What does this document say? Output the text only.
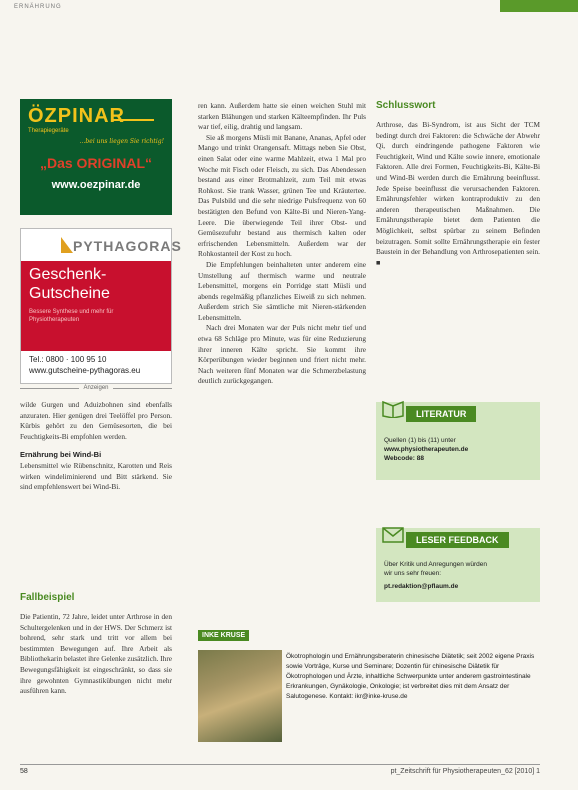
ERNÄHRUNG
ÖZPINAR
Therapiegeräte
…bei uns liegen Sie richtig!
„Das ORIGINAL“
www.oezpinar.de
PYTHAGORAS
Geschenk-
Gutscheine
Bessere Synthese und mehr für Physiotherapeuten
Tel.: 0800 · 100 95 10
www.gutscheine-pythagoras.eu
Anzeigen

wilde Gurgen und Aduizbohnen sind ebenfalls anzuraten. Hier genügen drei Teelöffel pro Person. Kürbis gehört zu den Gemüsesorten, die bei Feuchtigkeits-Bi empfohlen werden.

Ernährung bei Wind-Bi

Lebensmittel wie Rübenschnitz, Karotten und Reis wirken windeliminierend und Bitt stärkend. Sie sind empfehlenswert bei Wind-Bi.

Fallbeispiel

Die Patientin, 72 Jahre, leidet unter Arthrose in den Schultergelenken und in der HWS. Der Schmerz ist bohrend, sehr stark und tritt vor allem bei bestimmten Bewegungen auf. Ihre Arbeit als Bibliothekarin belastet ihre Gelenke zusätzlich. Ihre Bewegungsfähigkeit ist eingeschränkt, so dass sie ihre gewohnten Gymnastikübungen nicht mehr ausführen kann.

ren kann. Außerdem hatte sie einen weichen Stuhl mit starken Blähungen und starken Kälteempfinden. Ihr Puls war tief, eilig, drahtig und langsam.

Sie aß morgens Müsli mit Banane, Ananas, Apfel oder Mango und trinkt Orangensaft. Mittags neben Sie Obst, einen Salat oder eine warme Mahlzeit, etwa 1 Mal pro Woche mit Fisch oder Fleisch, zu sich. Das Abendessen bestand aus einer Brotmahlzeit, zum Teil mit etwas Rohkost. Sie trank Wasser, grünen Tee und Kräutertee. Das Pulsbild und die sehr niedrige Pulsfrequenz von 60 bestätigten den Befund von Kälte-Bi und Nieren-Yang-Leere. Die überwiegende Teil ihrer Obst- und Gemüsezufuhr bestand aus thermisch kalten oder erfrischenden Lebensmitteln. Außerdem war der Rohkostanteil der Kost zu hoch.

Die Empfehlungen beinhalteten unter anderem eine Umstellung auf thermisch warme und neutrale Lebensmittel, morgens ein Porridge statt Müsli und abends regelmäßig pflanzliches Eiweiß zu sich nehmen. Außerdem strich Sie sämtliche mit Nieren-stärkenden Lebensmitteln.

Nach drei Monaten war der Puls nicht mehr tief und etwa 68 Schläge pro Minute, was für eine Reduzierung ihrer inneren Kälte spricht. Sie kommt ihre Körperübungen wieder beginnen und friert nicht mehr. Nach weiteren fünf Monaten war die Schmerzbelastung deutlich zurückgegangen.

Schlusswort

Arthrose, das Bi-Syndrom, ist aus Sicht der TCM bedingt durch drei Faktoren: die Schwäche der Abwehr Qi, durch eindringende pathogene Faktoren wie Feuchtigkeit, Wind und Kälte sowie innere, emotionale Faktoren. Alle drei Formen, Feuchtigkeits-Bi, Kälte-Bi und Wind-Bi werden durch die Ernährung beeinflusst. Jede Speise beeinflusst die verursachenden Faktoren. Ernährungsfehler wirken kontraproduktiv zu den anderen therapeutischen Maßnahmen. Die Ernährungstherapie bietet dem Patienten die Möglichkeit, selbst spürbar zu seinem Befinden beizutragen. Somit sollte Ernährungstherapie ein fester Baustein in der Behandlung von Arthrosepatienten sein. ■

LITERATUR
Quellen (1) bis (11) unter
www.physiotherapeuten.de
Webcode: 88
LESER FEEDBACK
Über Kritik und Anregungen würden
wir uns sehr freuen:
pt.redaktion@pflaum.de
INKE KRUSE
Ökotrophologin und Ernährungsberaterin chinesische Diätetik; seit 2002 eigene Praxis sowie Vorträge, Kurse und Seminare; Dozentin für chinesische Diätetik für Ökotrophologen und Ärzte, inhaltliche Schwerpunkte unter anderem gastrointestinale Erkrankungen, Gynäkologie, Onkologie; ist verbreitet dies mit dem Ansatz der Salutogenese. Kontakt: ikr@inke-kruse.de
58	pt_Zeitschrift für Physiotherapeuten_62 [2010] 1
